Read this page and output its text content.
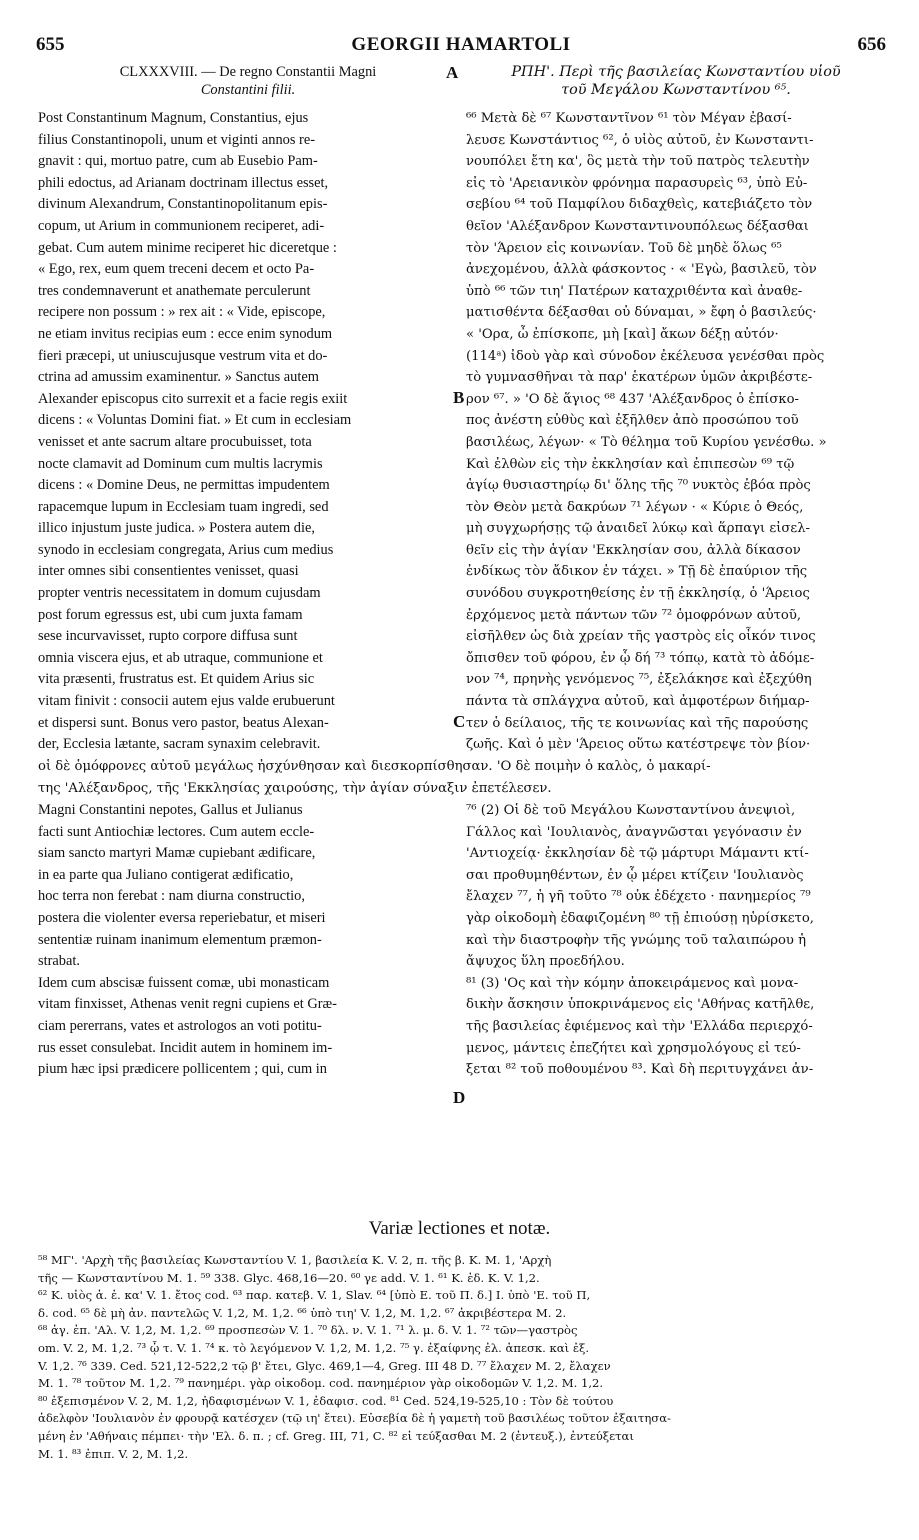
655	GEORGII HAMARTOLI	656
CLXXXVIII. — De regno Constantii Magni
Constantini filii.
ΡΠΗ'. Περὶ τῆς βασιλείας Κωνσταντίου υἱοῦ
τοῦ Μεγάλου Κωνσταντίνου ⁶⁵.
Post Constantinum Magnum, Constantius, ejus
filius Constantinopoli, unum et viginti annos re-
gnavit : qui, mortuo patre, cum ab Eusebio Pam-
phili edoctus, ad Arianam doctrinam illectus esset,
divinum Alexandrum, Constantinopolitanum epis-
copum, ut Arium in communionem reciperet, adi-
gebat. Cum autem minime reciperet hic diceretque :
« Ego, rex, eum quem treceni decem et octo Pa-
tres condemnaverunt et anathemate perculerunt
recipere non possum : » rex ait : « Vide, episcope,
ne etiam invitus recipias eum : ecce enim synodum
fieri præcepi, ut uniuscujusque vestrum vita et do-
ctrina ad amussim examinentur. » Sanctus autem
Alexander episcopus cito surrexit et a facie regis exiit
dicens : « Voluntas Domini fiat. » Et cum in ecclesiam
venisset et ante sacrum altare procubuisset, tota
nocte clamavit ad Dominum cum multis lacrymis
dicens : « Domine Deus, ne permittas impudentem
rapacemque lupum in Ecclesiam tuam ingredi, sed
illico injustum juste judica. » Postera autem die,
synodo in ecclesiam congregata, Arius cum medius
inter omnes sibi consentientes venisset, quasi
propter ventris necessitatem in domum cujusdam
post forum egressus est, ubi cum juxta famam
sese incurvavisset, rupto corpore diffusa sunt
omnia viscera ejus, et ab utraque, communione et
vita præsenti, frustratus est. Et quidem Arius sic
vitam finivit : consocii autem ejus valde erubuerunt
et dispersi sunt. Bonus vero pastor, beatus Alexan-
der, Ecclesia lætante, sacram synaxim celebravit.
⁶⁶ Μετὰ δὲ ⁶⁷ Κωνσταντῖνον ⁶¹ τὸν Μέγαν ἐβασί-
λευσε Κωνστάντιος ⁶², ὁ υἱὸς αὐτοῦ, ἐν Κωνσταντι-
νουπόλει ἔτη κα', ὃς μετὰ τὴν τοῦ πατρὸς τελευτὴν
εἰς τὸ 'Αρειανικὸν φρόνημα παρασυρεὶς ⁶³, ὑπὸ Εὐ-
σεβίου ⁶⁴ τοῦ Παμφίλου διδαχθεὶς, κατεβιάζετο τὸν
θεῖον 'Αλέξανδρον Κωνσταντινουπόλεως δέξασθαι
τὸν 'Άρειον εἰς κοινωνίαν. Τοῦ δὲ μηδὲ ὅλως ⁶⁵
ἀνεχομένου, ἀλλὰ φάσκοντος · « 'Εγὼ, βασιλεῦ, τὸν
ὑπὸ ⁶⁶ τῶν τιη' Πατέρων καταχριθέντα καὶ ἀναθε-
ματισθέντα δέξασθαι οὐ δύναμαι, » ἔφη ὁ βασιλεύς·
« 'Ορα, ὦ ἐπίσκοπε, μὴ [καὶ] ἄκων δέξῃ αὐτόν·
(114ᵃ) ἰδοὺ γὰρ καὶ σύνοδον ἐκέλευσα γενέσθαι πρὸς
τὸ γυμνασθῆναι τὰ παρ' ἑκατέρων ὑμῶν ἀκριβέστε-
ρον ⁶⁷. » 'Ο δὲ ἅγιος ⁶⁸ 437 'Αλέξανδρος ὁ ἐπίσκο-
πος ἀνέστη εὐθὺς καὶ ἐξῆλθεν ἀπὸ προσώπου τοῦ
βασιλέως, λέγων· « Τὸ θέλημα τοῦ Κυρίου γενέσθω. »
Καὶ ἐλθὼν εἰς τὴν ἐκκλησίαν καὶ ἐπιπεσὼν ⁶⁹ τῷ
ἁγίῳ θυσιαστηρίῳ δι' ὅλης τῆς ⁷⁰ νυκτὸς ἐβόα πρὸς
τὸν Θεὸν μετὰ δακρύων ⁷¹ λέγων · « Κύριε ὁ Θεός,
μὴ συγχωρήσῃς τῷ ἀναιδεῖ λύκῳ καὶ ἅρπαγι εἰσελ-
θεῖν εἰς τὴν ἁγίαν 'Εκκλησίαν σου, ἀλλὰ δίκασον
ἐνδίκως τὸν ἄδικον ἐν τάχει. » Τῇ δὲ ἐπαύριον τῆς
συνόδου συγκροτηθείσης ἐν τῇ ἐκκλησίᾳ, ὁ 'Άρειος
ἐρχόμενος μετὰ πάντων τῶν ⁷² ὁμοφρόνων αὐτοῦ,
εἰσῆλθεν ὡς διὰ χρείαν τῆς γαστρὸς εἰς οἶκόν τινος
ὄπισθεν τοῦ φόρου, ἐν ᾧ δή ⁷³ τόπῳ, κατὰ τὸ ἀδόμε-
νον ⁷⁴, πρηνὴς γενόμενος ⁷⁵, ἐξελάκησε καὶ ἐξεχύθη
πάντα τὰ σπλάγχνα αὐτοῦ, καὶ ἀμφοτέρων διήμαρ-
τεν ὁ δείλαιος, τῆς τε κοινωνίας καὶ τῆς παρούσης
ζωῆς. Καὶ ὁ μὲν 'Άρειος οὕτω κατέστρεψε τὸν βίον·
A
B
C
D
οἱ δὲ ὁμόφρονες αὐτοῦ μεγάλως ἠσχύνθησαν καὶ διεσκορπίσθησαν. 'Ο δὲ ποιμὴν ὁ καλὸς, ὁ μακαρί-
της 'Αλέξανδρος, τῆς 'Εκκλησίας χαιρούσης, τὴν ἁγίαν σύναξιν ἐπετέλεσεν.
Magni Constantini nepotes, Gallus et Julianus
facti sunt Antiochiæ lectores. Cum autem eccle-
siam sancto martyri Mamæ cupiebant ædificare,
in ea parte qua Juliano contigerat ædificatio,
hoc terra non ferebat : nam diurna constructio,
postera die violenter eversa reperiebatur, et miseri
sententiæ ruinam inanimum elementum præmon-
strabat.
Idem cum abscisæ fuissent comæ, ubi monasticam
vitam finxisset, Athenas venit regni cupiens et Græ-
ciam pererrans, vates et astrologos an voti potitu-
rus esset consulebat. Incidit autem in hominem im-
pium hæc ipsi prædicere pollicentem ; qui, cum in
⁷⁶ (2) Οἱ δὲ τοῦ Μεγάλου Κωνσταντίνου ἀνεψιοὶ,
Γάλλος καὶ 'Ιουλιανὸς, ἀναγνῶσται γεγόνασιν ἐν
'Αντιοχείᾳ· ἐκκλησίαν δὲ τῷ μάρτυρι Μάμαντι κτί-
σαι προθυμηθέντων, ἐν ᾧ μέρει κτίζειν 'Ιουλιανὸς
ἔλαχεν ⁷⁷, ἡ γῆ τοῦτο ⁷⁸ οὐκ ἐδέχετο · πανημερίος ⁷⁹
γὰρ οἰκοδομὴ ἐδαφιζομένη ⁸⁰ τῇ ἐπιούσῃ ηὑρίσκετο,
καὶ τὴν διαστροφὴν τῆς γνώμης τοῦ ταλαιπώρου ἡ
ἄψυχος ὕλη προεδήλου.
⁸¹ (3) 'Ος καὶ τὴν κόμην ἀποκειράμενος καὶ μονα-
δικὴν ἄσκησιν ὑποκρινάμενος εἰς 'Αθήνας κατῆλθε,
τῆς βασιλείας ἐφιέμενος καὶ τὴν 'Ελλάδα περιερχό-
μενος, μάντεις ἐπεζήτει καὶ χρησμολόγους εἰ τεύ-
ξεται ⁸² τοῦ ποθουμένου ⁸³. Καὶ δὴ περιτυγχάνει ἀν-
Variæ lectiones et notæ.
⁵⁸ ΜΓ'. 'Αρχὴ τῆς βασιλείας Κωνσταντίου V. 1, βασιλεία K. V. 2, π. τῆς β. K. M. 1, 'Αρχὴ
τῆς — Κωνσταντίνου M. 1. ⁵⁹ 338. Glyc. 468,16—20. ⁶⁰ γε add. V. 1. ⁶¹ K. ἑδ. K. V. 1,2.
⁶² K. υἱὸς ἀ. ἐ. κα' V. 1. ἔτος cod. ⁶³ παρ. κατεβ. V. 1, Slav. ⁶⁴ [ὑπὸ E. τοῦ Π. δ.] I. ὑπὸ 'E. τοῦ Π,
δ. cod. ⁶⁵ δὲ μὴ ἀν. παντελῶς V. 1,2, M. 1,2. ⁶⁶ ὑπὸ τιη' V. 1,2, M. 1,2. ⁶⁷ ἀκριβέστερα M. 2.
⁶⁸ ἀγ. ἐπ. 'Αλ. V. 1,2, M. 1,2. ⁶⁹ προσπεσὼν V. 1. ⁷⁰ δλ. ν. V. 1. ⁷¹ λ. μ. δ. V. 1. ⁷² τῶν—γαστρὸς
om. V. 2, M. 1,2. ⁷³ ᾧ τ. V. 1. ⁷⁴ κ. τὸ λεγόμενον V. 1,2, M. 1,2. ⁷⁵ γ. ἐξαίφνης ἐλ. ἀπεσκ. καὶ ἐξ.
V. 1,2. ⁷⁶ 339. Ced. 521,12-522,2 τῷ β' ἔτει, Glyc. 469,1—4, Greg. III 48 D. ⁷⁷ ἔλαχεν M. 2, ἔλαχεν
M. 1. ⁷⁸ τοῦτον M. 1,2. ⁷⁹ πανημέρι. γὰρ οἰκοδομ. cod. πανημέριον γὰρ οἰκοδομῶν V. 1,2. M. 1,2.
⁸⁰ ἐξεπισμένον V. 2, M. 1,2, ἠδαφισμένων V. 1, ἐδαφισ. cod. ⁸¹ Ced. 524,19-525,10 : Τὸν δὲ τούτου
ἀδελφὸν 'Ιουλιανὸν ἐν φρουρᾷ κατέσχεν (τῷ ιη' ἔτει). Εὐσεβία δὲ ἡ γαμετὴ τοῦ βασιλέως τοῦτον ἐξαιτησα-
μένη ἐν 'Αθήναις πέμπει· τὴν 'Ελ. δ. π. ; cf. Greg. III, 71, C. ⁸² εἰ τεύξασθαι M. 2 (ἐντευξ.), ἐντεύξεται
M. 1. ⁸³ ἐπιπ. V. 2, M. 1,2.
